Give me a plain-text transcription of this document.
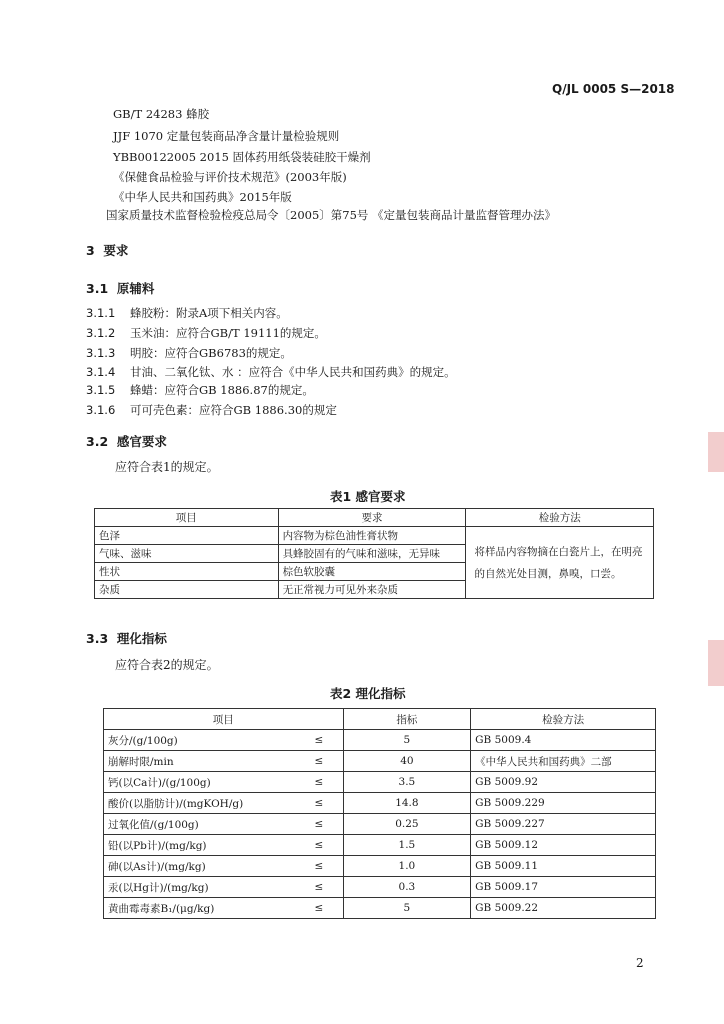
Q/JL 0005 S—2018
GB/T 24283 蜂胶
JJF 1070 定量包装商品净含量计量检验规则
YBB00122005 2015 固体药用纸袋装硅胶干燥剂
《保健食品检验与评价技术规范》(2003年版)
《中华人民共和国药典》2015年版
国家质量技术监督检验检疫总局令〔2005〕第75号 《定量包装商品计量监督管理办法》
3 要求
3.1 原辅料
3.1.1 蜂胶粉：附录A项下相关内容。
3.1.2 玉米油：应符合GB/T 19111的规定。
3.1.3 明胶：应符合GB6783的规定。
3.1.4 甘油、二氧化钛、水 ：应符合《中华人民共和国药典》的规定。
3.1.5 蜂蜡：应符合GB 1886.87的规定。
3.1.6 可可壳色素：应符合GB 1886.30的规定
3.2 感官要求
应符合表1的规定。
表1 感官要求
项目	要求	检验方法
色泽	内容物为棕色油性膏状物	将样品内容物摘在白瓷片上，在明亮的自然光处目测，鼻嗅，口尝。
气味、滋味	具蜂胶固有的气味和滋味，无异味	
性状	棕色软胶囊	
杂质	无正常视力可见外来杂质	
3.3 理化指标
应符合表2的规定。
表2 理化指标
项目		指标	检验方法
灰分/(g/100g)	≤	5	GB 5009.4
崩解时限/min	≤	40	《中华人民共和国药典》二部
钙(以Ca计)/(g/100g)	≤	3.5	GB 5009.92
酸价(以脂肪计)/(mgKOH/g)	≤	14.8	GB 5009.229
过氧化值/(g/100g)	≤	0.25	GB 5009.227
铅(以Pb计)/(mg/kg)	≤	1.5	GB 5009.12
砷(以As计)/(mg/kg)	≤	1.0	GB 5009.11
汞(以Hg计)/(mg/kg)	≤	0.3	GB 5009.17
黄曲霉毒素B₁/(μg/kg)	≤	5	GB 5009.22
2
